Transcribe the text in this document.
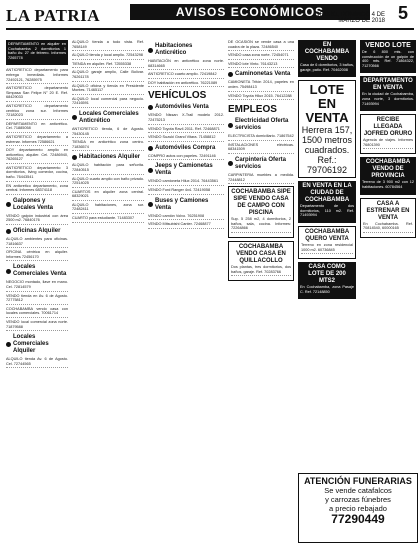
LA PATRIA	AVISOS ECONÓMICOS
ORURO, DOMINGO 4 DE MARZO DE 2018 5
DEPARTAMENTO en alquiler en Cochabamba 2 dormitorios 1 baño Av. 27 de febrero. Informes 7265778
ANTICRETICO departamento para entrega inmediata. Informes 72492121, 76285975
ANTICRETICO departamento Simpasa San Felipe N° 20 E. Ref. 68429033
ANTICRETICO departamento centrico zona sur. Informes 72182023
DEPARTAMENTO en anticrético. Cel. 71885058
ANTICRETICO departamento a estrenar. Informes 72586621
DOY departamento amplio en anticretico, alquiler. Cel. 72486940, 76265127
ANTICRETICO departamento 3 dormitorios, living comedor, cocina, baño. 76443541
EN anticretico departamento, zona central. Informes 68374118
Galpones y Locales Venta
VENDO galpón industrial con área 2500 m2. 76840176
Oficinas Alquiler
ALQUILO ambientes para oficinas. 71816637
OFICINA céntrica en alquiler. Informes 72456170
Locales Comerciales Venta
NEGOCIO montado, llave en mano. Cel. 72814579
VENDO tienda en Av. 6 de Agosto. 72775812
COCHABAMBA vendo casa con locales comerciales. 70061714
VENDO local comercial zona norte. 71879588
Locales Comerciales Alquiler
ALQUILO tienda Av. 6 de Agosto. Cel. 72744565
ALQUILO tienda a todo vista. Ref. 7658149
ALQUILO tienda y local amplio. 72543298
TIENDA en alquiler. Ref. 72555338
ALQUILO garaje amplio, Calle Bolívar. 76261178
ALQUILO oficina y tienda en Presidente Montes. 71465117
ALQUILO local comercial para negocio. 72416591
Locales Comerciales Anticrético
ANTICRETICO tienda, 6 de Agosto. 75430145
TIENDA en anticrético zona centro. 71836574
Habitaciones Alquiler
ALQUILO habitación para señorita. 72840515
ALQUILO cuarto amplio con baño privado. 72514025
CUARTOS en alquiler zona central. 68329021
ALQUILO habitaciones, zona sur. 72482411
CUARTO para estudiante. 71483307
Habitaciones Anticrético
HABITACIÓN en anticrético zona norte. 68314665
ANTICRETICO cuarto amplio. 72419842
DOY habitación en anticrético. 76221089
VEHÍCULOS
Automóviles Venta
VENDO Nissan X-Trail modelo 2012. 72475213
VENDO Toyota Rav4 2011. Ref. 72468871
VENDO Suzuki Grand Vitara. 71458812
Automóviles Compra
COMPRO autos con papeles. 72491146
Jeeps y Camionetas Venta
VENDO camioneta Hilux 2014. 76443561
VENDO Ford Ranger 4x4. 72419058
Buses y Camiones Venta
VENDO camión Volvo. 76251908
VENDO Mitsubishi Canter. 72468877
DE OCASIÓN se vende casa a una cuadra de la plaza. 72486540
VENDO casa zona norte. 72454071
VENDO lote Vinto. 76143213
Caminonetas Venta
CAMIONETA Tritón 2014, papeles en orden. 75498413
VENDO Toyota Hilux 2015. 76412288
EMPLEOS
Electricidad Oferta servicios
ELECTRICISTA domiciliario. 71867542
INSTALACIONES eléctricas. 68341509
Carpintería Oferta servicios
CARPINTERIA muebles a medida. 72448812
COCHABAMBA SIPE SIPE VENDO CASA DE CAMPO CON PISCINA
Sup. 5 258 m2, 4 dormitorios, 2 baños, sala, cocina. Informes: 72264866
COCHABAMBA VENDO CASA EN QUILLACOLLO
Dos plantas, tres dormitorios, dos baños, garaje. Ref. 70283766
EN COCHABAMBA VENDO
Casa de 6 dormitorios, 3 baños, garaje, patio. Ref. 70462008
LOTE EN
VENTA
Herrera 157, 1500 metros cuadrados. Ref.: 79706192
EN VENTA EN LA CIUDAD DE COCHABAMBA
Departamento de dos dormitorios, 110 m2. Ref. 71493994
COCHABAMBA QUERO VENTA
Terreno en zona residencial 1000 m2. 60736845
CASA COMO LOTE DE 200 MTS2
En Cochabamba, zona Pasaje C. Ref. 72148850
VENDO LOTE
De 6 800 mts. con construcción de un galpón de 400 mts. Ref. 71864322, 71270566
DEPARTAMENTO EN VENTA
En la ciudad de Cochabamba, zona norte, 3 dormitorios. 71493994
RECIBE LLEGADA JOFRED ORURO
Agencia de viajes. Informes 76801390
COCHABAMBA VENDO DE PROVINCIA
Terreno de 3 900 m2 con 12 habitaciones. 60784564
CASA A ESTRENAR EN VENTA
En Cochabamba. Ref. 70814540, 60000165
ATENCIÓN FUNERARIAS
Se vende catafalcos
y carrozas fúnebres
a precio rebajado
77290449
